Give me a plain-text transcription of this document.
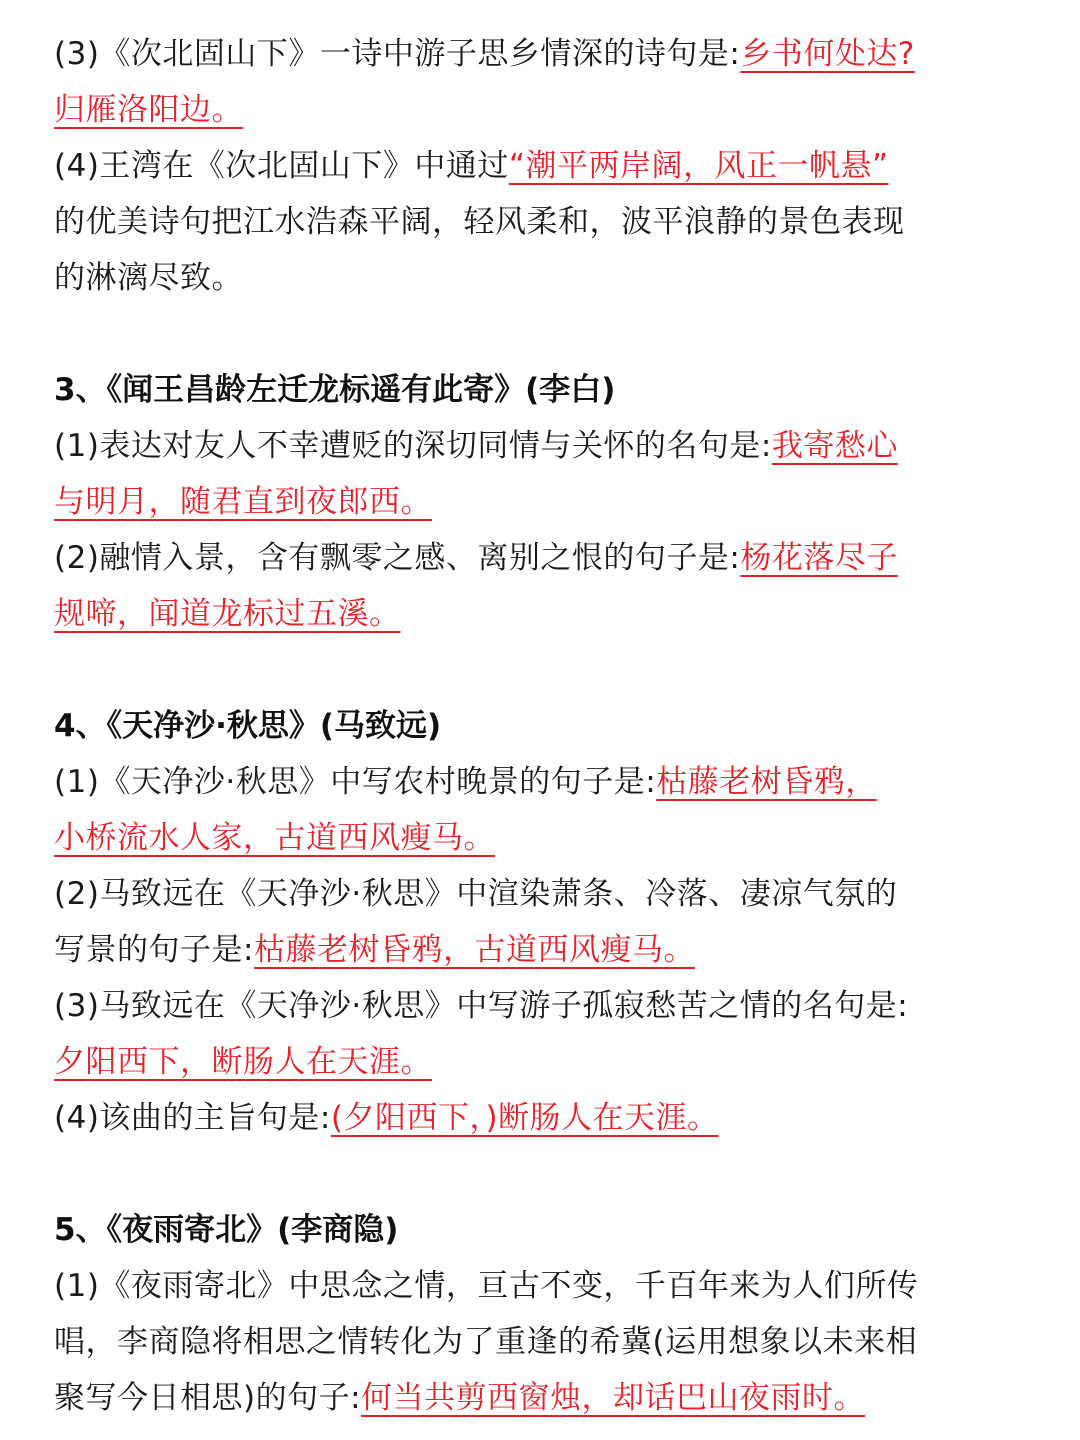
(3)《次北固山下》一诗中游子思乡情深的诗句是:乡书何处达?
归雁洛阳边。
(4)王湾在《次北固山下》中通过“潮平两岸阔，风正一帆悬”
的优美诗句把江水浩森平阔，轻风柔和，波平浪静的景色表现
的淋漓尽致。
3、《闻王昌龄左迁龙标遥有此寄》(李白)
(1)表达对友人不幸遭贬的深切同情与关怀的名句是:我寄愁心
与明月，随君直到夜郎西。
(2)融情入景，含有飘零之感、离别之恨的句子是:杨花落尽子
规啼，闻道龙标过五溪。
4、《天净沙·秋思》(马致远)
(1)《天净沙·秋思》中写农村晚景的句子是:枯藤老树昏鸦，
小桥流水人家，古道西风瘦马。
(2)马致远在《天净沙·秋思》中渲染萧条、冷落、凄凉气氛的
写景的句子是:枯藤老树昏鸦，古道西风瘦马。
(3)马致远在《天净沙·秋思》中写游子孤寂愁苦之情的名句是:
夕阳西下，断肠人在天涯。
(4)该曲的主旨句是:(夕阳西下，)断肠人在天涯。
5、《夜雨寄北》(李商隐)
(1)《夜雨寄北》中思念之情，亘古不变，千百年来为人们所传
唱，李商隐将相思之情转化为了重逢的希冀(运用想象以未来相
聚写今日相思)的句子:何当共剪西窗烛，却话巴山夜雨时。
